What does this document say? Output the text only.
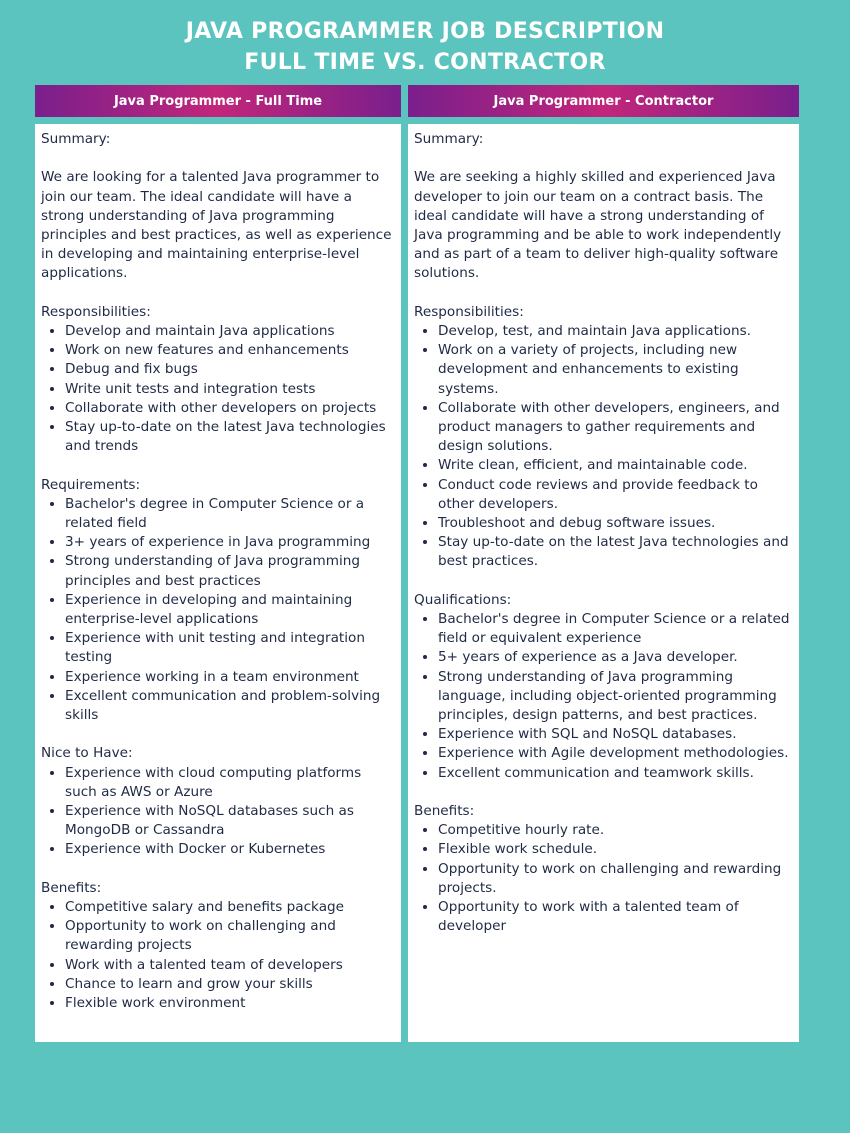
JAVA PROGRAMMER JOB DESCRIPTION
FULL TIME VS. CONTRACTOR
Java Programmer - Full Time	Java Programmer - Contractor

Summary:

We are looking for a talented Java programmer to join our team. The ideal candidate will have a strong understanding of Java programming principles and best practices, as well as experience in developing and maintaining enterprise-level applications.

Responsibilities:

• Develop and maintain Java applications
• Work on new features and enhancements
• Debug and fix bugs
• Write unit tests and integration tests
• Collaborate with other developers on projects
• Stay up-to-date on the latest Java technologies and trends

Requirements:

• Bachelor's degree in Computer Science or a related field
• 3+ years of experience in Java programming
• Strong understanding of Java programming principles and best practices
• Experience in developing and maintaining enterprise-level applications
• Experience with unit testing and integration testing
• Experience working in a team environment
• Excellent communication and problem-solving skills

Nice to Have:

• Experience with cloud computing platforms such as AWS or Azure
• Experience with NoSQL databases such as MongoDB or Cassandra
• Experience with Docker or Kubernetes

Benefits:

• Competitive salary and benefits package
• Opportunity to work on challenging and rewarding projects
• Work with a talented team of developers
• Chance to learn and grow your skills
• Flexible work environment

Summary:

We are seeking a highly skilled and experienced Java developer to join our team on a contract basis. The ideal candidate will have a strong understanding of Java programming and be able to work independently and as part of a team to deliver high-quality software solutions.

Responsibilities:

• Develop, test, and maintain Java applications.
• Work on a variety of projects, including new development and enhancements to existing systems.
• Collaborate with other developers, engineers, and product managers to gather requirements and design solutions.
• Write clean, efficient, and maintainable code.
• Conduct code reviews and provide feedback to other developers.
• Troubleshoot and debug software issues.
• Stay up-to-date on the latest Java technologies and best practices.

Qualifications:

• Bachelor's degree in Computer Science or a related field or equivalent experience
• 5+ years of experience as a Java developer.
• Strong understanding of Java programming language, including object-oriented programming principles, design patterns, and best practices.
• Experience with SQL and NoSQL databases.
• Experience with Agile development methodologies.
• Excellent communication and teamwork skills.

Benefits:

• Competitive hourly rate.
• Flexible work schedule.
• Opportunity to work on challenging and rewarding projects.
• Opportunity to work with a talented team of developer
